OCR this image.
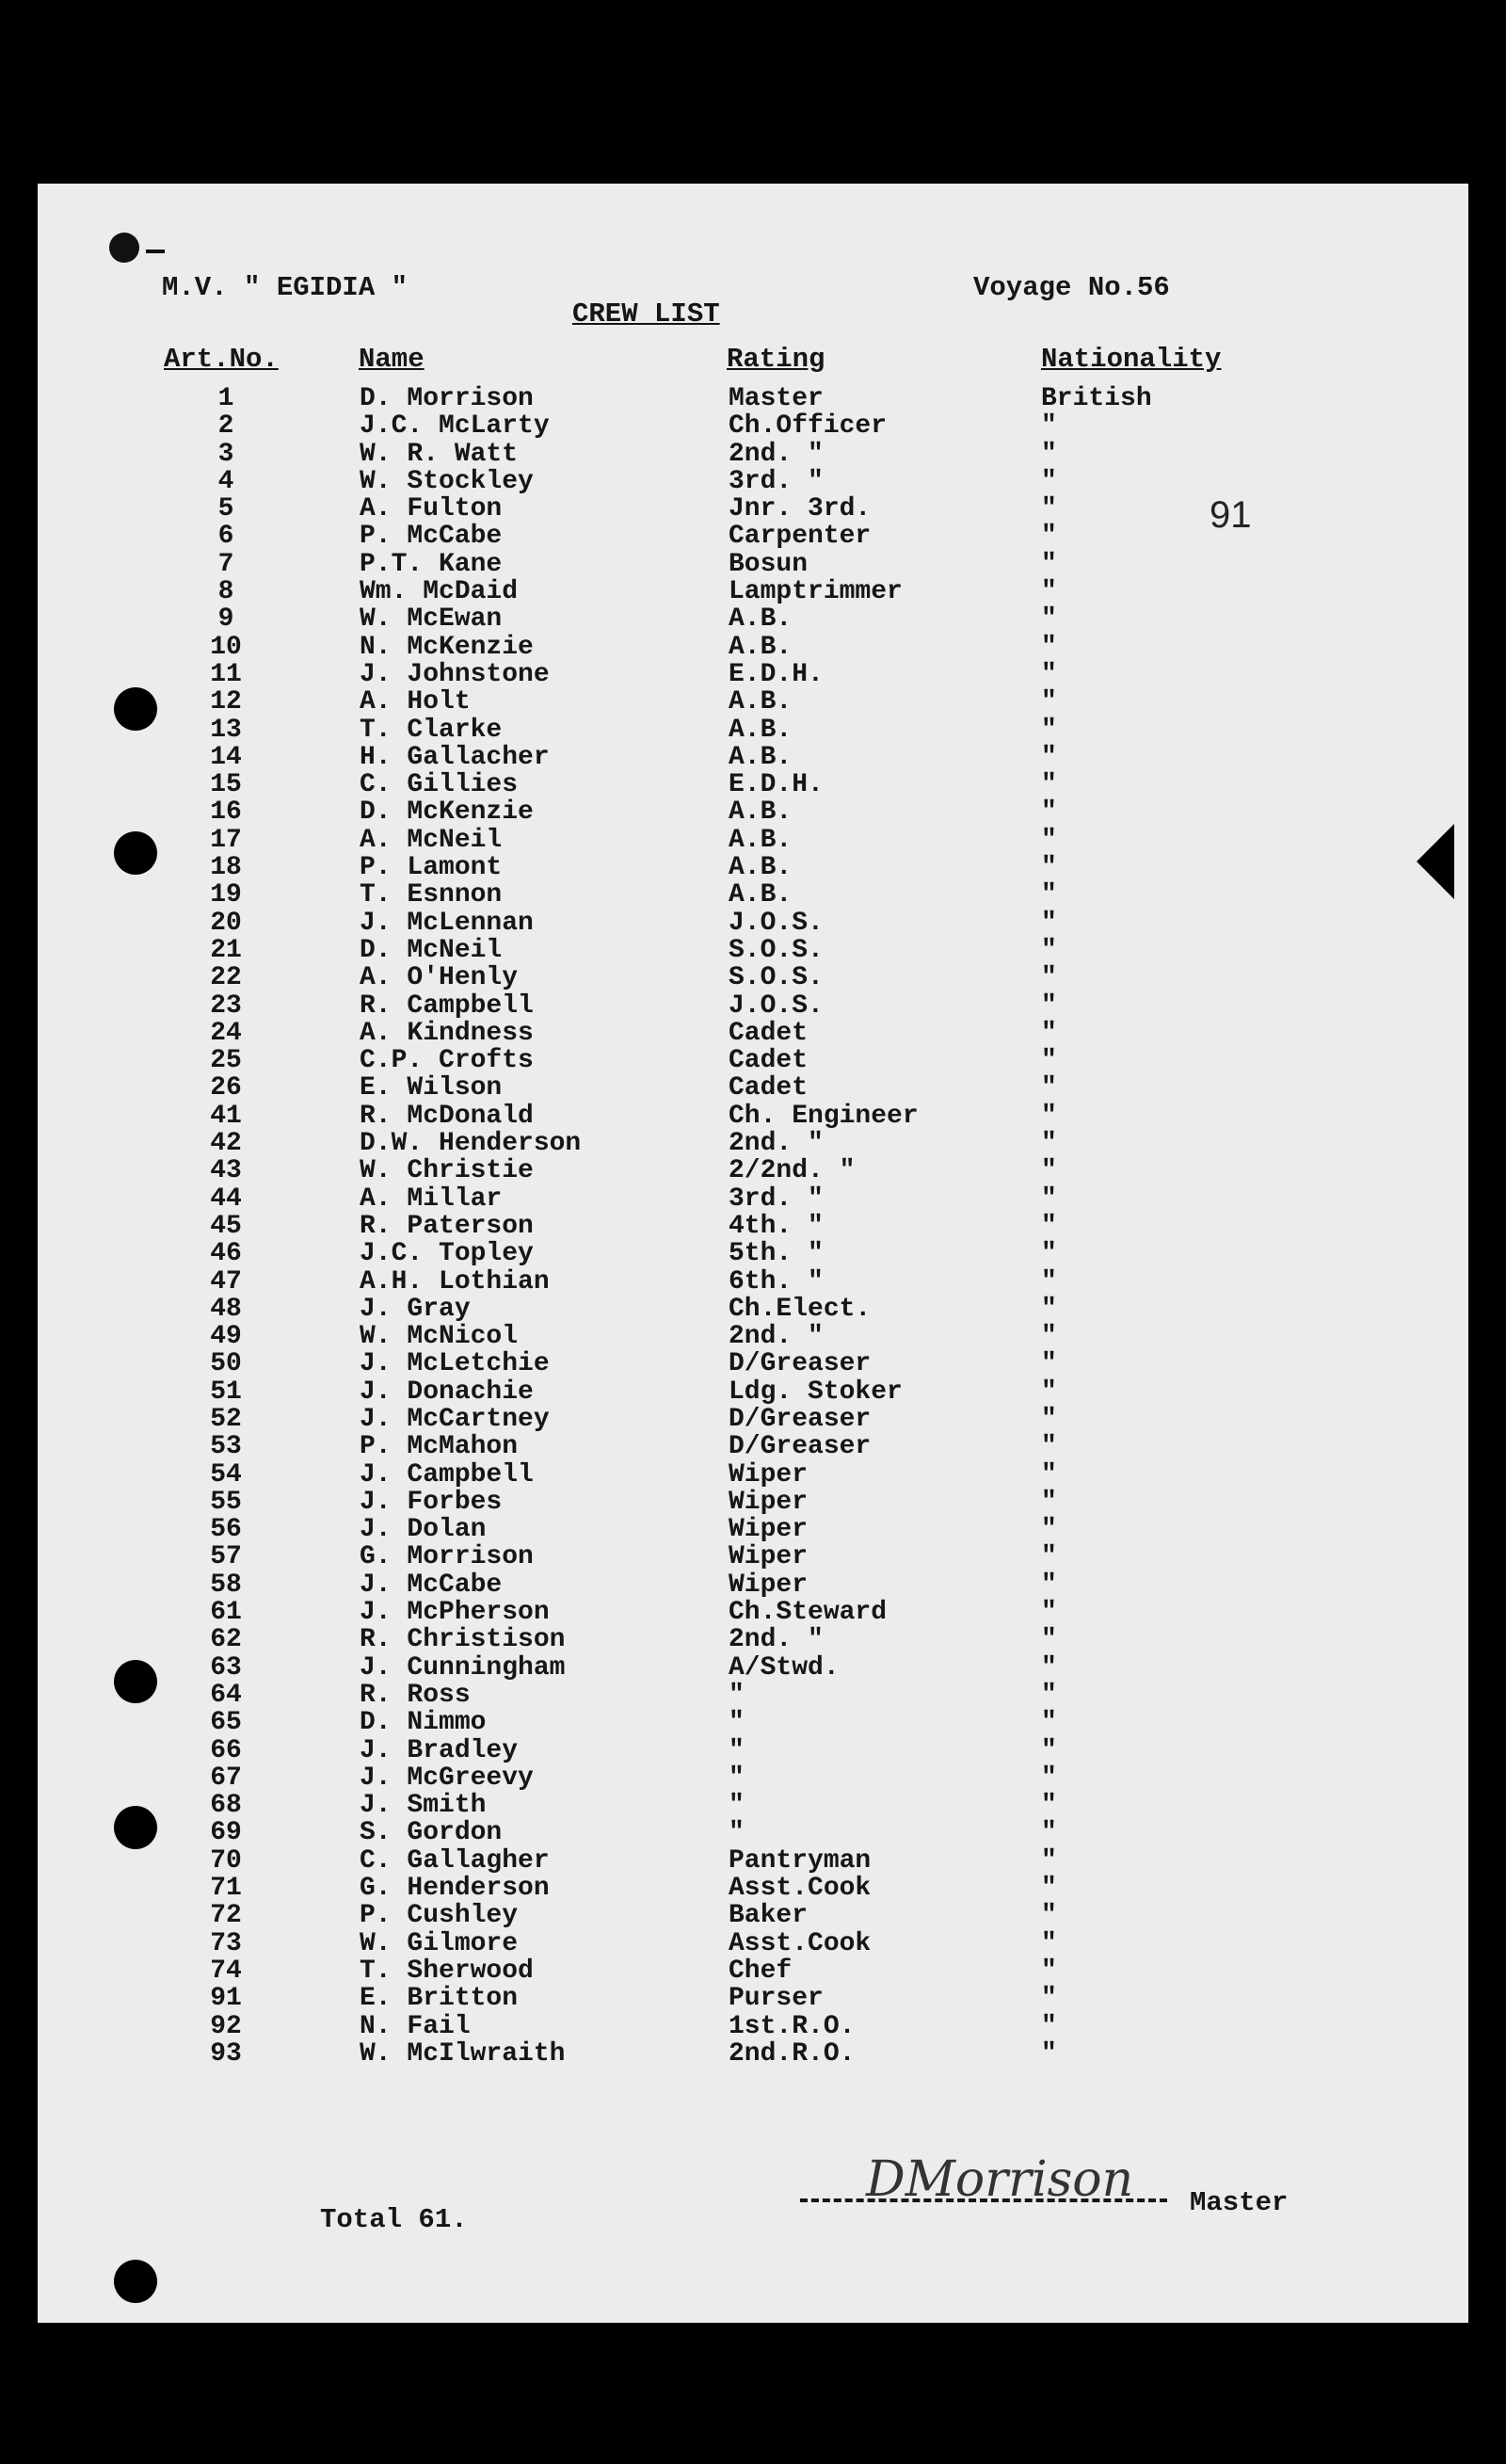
M.V. " EGIDIA "	Voyage No.56
CREW LIST
Art.No.	Name	Rating	Nationality
1	D. Morrison	Master	British
2	J.C. McLarty	Ch.Officer	"
3	W. R. Watt	2nd. "	"
4	W. Stockley	3rd. "	"
5	A. Fulton	Jnr. 3rd.	"
6	P. McCabe	Carpenter	"
7	P.T. Kane	Bosun	"
8	Wm. McDaid	Lamptrimmer	"
9	W. McEwan	A.B.	"
10	N. McKenzie	A.B.	"
11	J. Johnstone	E.D.H.	"
12	A. Holt	A.B.	"
13	T. Clarke	A.B.	"
14	H. Gallacher	A.B.	"
15	C. Gillies	E.D.H.	"
16	D. McKenzie	A.B.	"
17	A. McNeil	A.B.	"
18	P. Lamont	A.B.	"
19	T. Esnnon	A.B.	"
20	J. McLennan	J.O.S.	"
21	D. McNeil	S.O.S.	"
22	A. O'Henly	S.O.S.	"
23	R. Campbell	J.O.S.	"
24	A. Kindness	Cadet	"
25	C.P. Crofts	Cadet	"
26	E. Wilson	Cadet	"
41	R. McDonald	Ch. Engineer	"
42	D.W. Henderson	2nd. "	"
43	W. Christie	2/2nd. "	"
44	A. Millar	3rd. "	"
45	R. Paterson	4th. "	"
46	J.C. Topley	5th. "	"
47	A.H. Lothian	6th. "	"
48	J. Gray	Ch.Elect.	"
49	W. McNicol	2nd. "	"
50	J. McLetchie	D/Greaser	"
51	J. Donachie	Ldg. Stoker	"
52	J. McCartney	D/Greaser	"
53	P. McMahon	D/Greaser	"
54	J. Campbell	Wiper	"
55	J. Forbes	Wiper	"
56	J. Dolan	Wiper	"
57	G. Morrison	Wiper	"
58	J. McCabe	Wiper	"
61	J. McPherson	Ch.Steward	"
62	R. Christison	2nd. "	"
63	J. Cunningham	A/Stwd.	"
64	R. Ross	"	"
65	D. Nimmo	"	"
66	J. Bradley	"	"
67	J. McGreevy	"	"
68	J. Smith	"	"
69	S. Gordon	"	"
70	C. Gallagher	Pantryman	"
71	G. Henderson	Asst.Cook	"
72	P. Cushley	Baker	"
73	W. Gilmore	Asst.Cook	"
74	T. Sherwood	Chef	"
91	E. Britton	Purser	"
92	N. Fail	1st.R.O.	"
93	W. McIlwraith	2nd.R.O.	"
91
Total 61.
DMorrison Master
